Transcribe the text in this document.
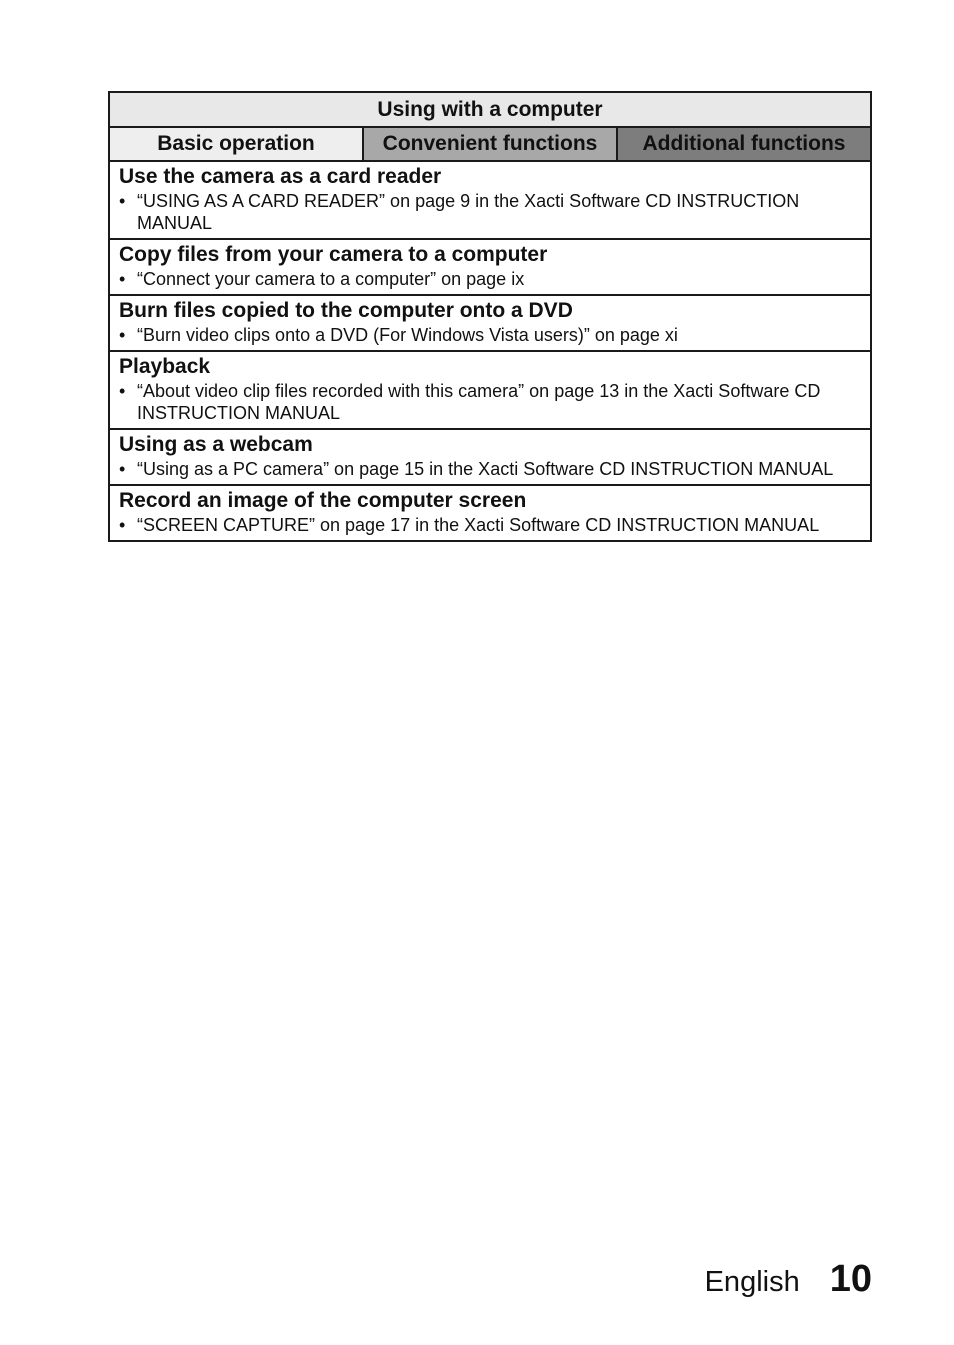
Using with a computer
Basic operation	Convenient functions	Additional functions
Use the camera as a card reader
• “USING AS A CARD READER” on page 9 in the Xacti Software CD INSTRUCTION MANUAL
Copy files from your camera to a computer
• “Connect your camera to a computer” on page ix
Burn files copied to the computer onto a DVD
• “Burn video clips onto a DVD (For Windows Vista users)” on page xi
Playback
• “About video clip files recorded with this camera” on page 13 in the Xacti Software CD INSTRUCTION MANUAL
Using as a webcam
• “Using as a PC camera” on page 15 in the Xacti Software CD INSTRUCTION MANUAL
Record an image of the computer screen
• “SCREEN CAPTURE” on page 17 in the Xacti Software CD INSTRUCTION MANUAL
English 10
